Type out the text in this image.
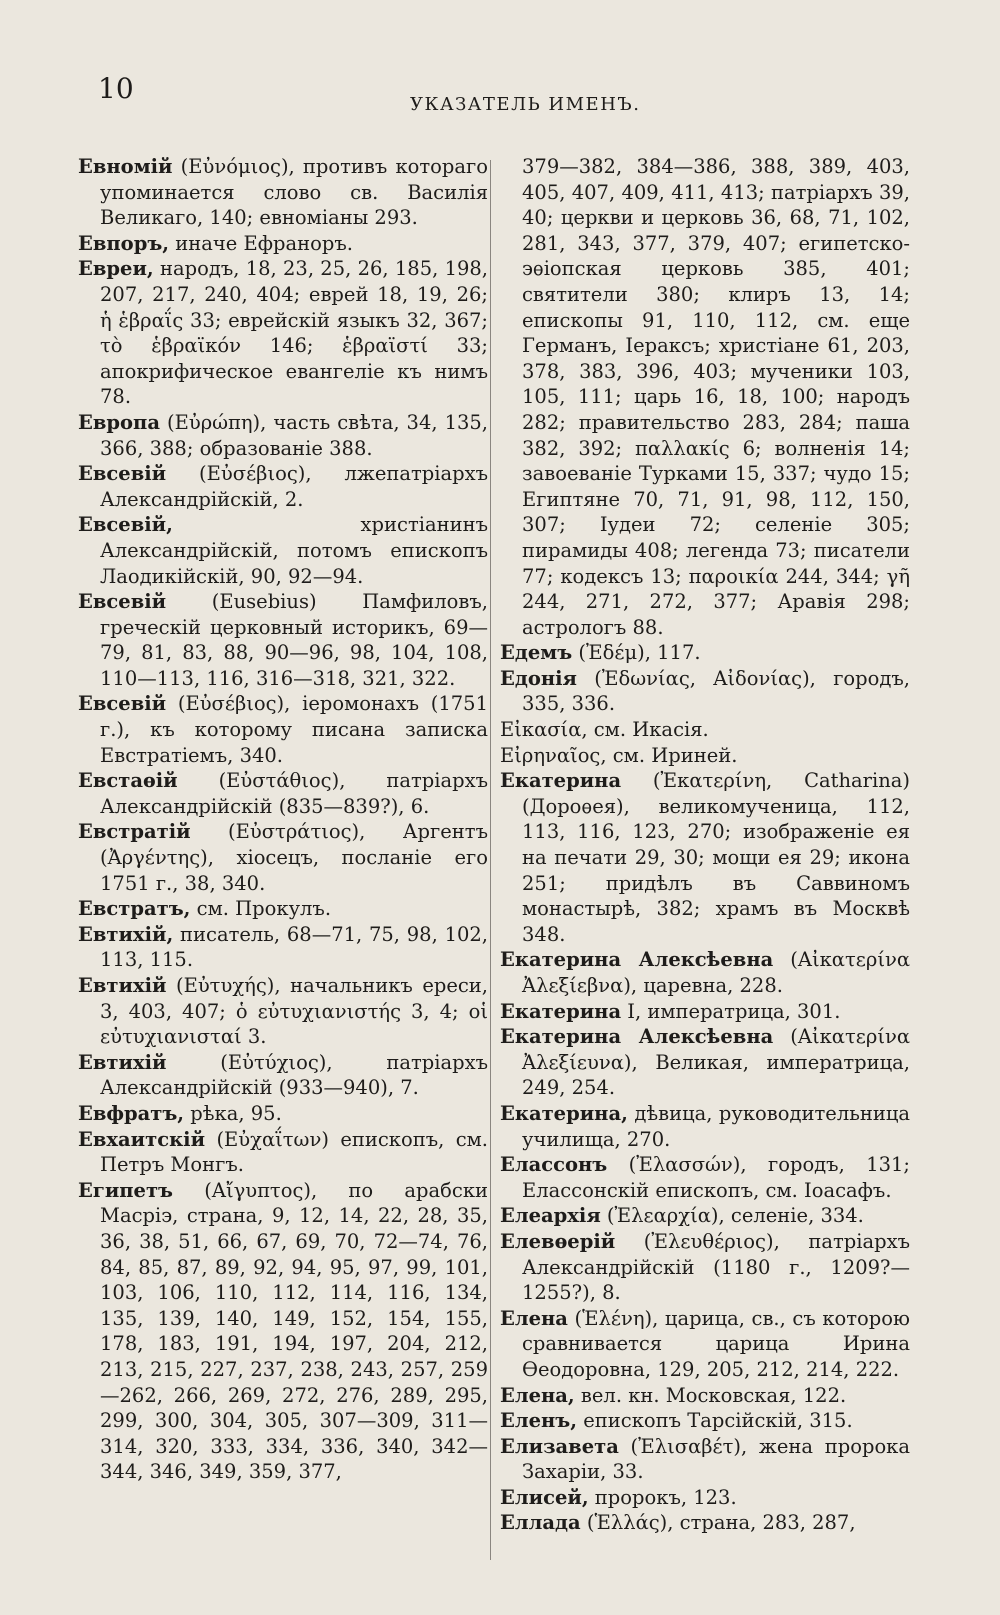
10	УКАЗАТЕЛЬ ИМЕНЪ.
Евномій (Εὐνόμιος), противъ котораго упоминается слово св. Василія Великаго, 140; евноміаны 293.
Евпоръ, иначе Ефраноръ.
Евреи, народъ, 18, 23, 25, 26, 185, 198, 207, 217, 240, 404; еврей 18, 19, 26; ἡ ἑβραΐς 33; еврейскій языкъ 32, 367; τὸ ἑβραϊκόν 146; ἑβραϊστί 33; апокрифическое евангеліе къ нимъ 78.
Европа (Εὐρώπη), часть свѣта, 34, 135, 366, 388; образованіе 388.
Евсевій (Εὐσέβιος), лжепатріархъ Александрійскій, 2.
Евсевій, христіанинъ Александрійскій, потомъ епископъ Лаодикійскій, 90, 92—94.
Евсевій (Eusebius) Памфиловъ, греческій церковный историкъ, 69—79, 81, 83, 88, 90—96, 98, 104, 108, 110—113, 116, 316—318, 321, 322.
Евсевій (Εὐσέβιος), іеромонахъ (1751 г.), къ которому писана записка Евстратіемъ, 340.
Евстаѳій (Εὐστάθιος), патріархъ Александрійскій (835—839?), 6.
Евстратій (Εὐστράτιος), Аргентъ (Ἀργέντης), хіосецъ, посланіе его 1751 г., 38, 340.
Евстратъ, см. Прокулъ.
Евтихій, писатель, 68—71, 75, 98, 102, 113, 115.
Евтихій (Εὐτυχής), начальникъ ереси, 3, 403, 407; ὁ εὐτυχιανιστής 3, 4; οἱ εὐτυχιανισταί 3.
Евтихій (Εὐτύχιος), патріархъ Александрійскій (933—940), 7.
Евфратъ, рѣка, 95.
Евхаитскій (Εὐχαΐτων) епископъ, см. Петръ Монгъ.
Египетъ (Αἴγυπτος), по арабски Масріэ, страна, 9, 12, 14, 22, 28, 35, 36, 38, 51, 66, 67, 69, 70, 72—74, 76, 84, 85, 87, 89, 92, 94, 95, 97, 99, 101, 103, 106, 110, 112, 114, 116, 134, 135, 139, 140, 149, 152, 154, 155, 178, 183, 191, 194, 197, 204, 212, 213, 215, 227, 237, 238, 243, 257, 259—262, 266, 269, 272, 276, 289, 295, 299, 300, 304, 305, 307—309, 311—314, 320, 333, 334, 336, 340, 342—344, 346, 349, 359, 377,
379—382, 384—386, 388, 389, 403, 405, 407, 409, 411, 413; патріархъ 39, 40; церкви и церковь 36, 68, 71, 102, 281, 343, 377, 379, 407; египетско-эѳіопская церковь 385, 401; святители 380; клиръ 13, 14; епископы 91, 110, 112, см. еще Германъ, Іераксъ; христіане 61, 203, 378, 383, 396, 403; мученики 103, 105, 111; царь 16, 18, 100; народъ 282; правительство 283, 284; паша 382, 392; παλλακίς 6; волненія 14; завоеваніе Турками 15, 337; чудо 15; Египтяне 70, 71, 91, 98, 112, 150, 307; Іудеи 72; селеніе 305; пирамиды 408; легенда 73; писатели 77; кодексъ 13; παροικία 244, 344; γῆ 244, 271, 272, 377; Аравія 298; астрологъ 88.
Едемъ (Ἐδέμ), 117.
Едонія (Ἐδωνίας, Αἰδονίας), городъ, 335, 336.
Εἰκασία, см. Икасія.
Εἰρηναῖος, см. Ириней.
Екатерина (Ἐκατερίνη, Catharina) (Дороѳея), великомученица, 112, 113, 116, 123, 270; изображеніе ея на печати 29, 30; мощи ея 29; икона 251; придѣлъ въ Саввиномъ монастырѣ, 382; храмъ въ Москвѣ 348.
Екатерина Алексѣевна (Αἰκατερίνα Ἀλεξίεβνα), царевна, 228.
Екатерина I, императрица, 301.
Екатерина Алексѣевна (Αἰκατερίνα Ἀλεξίευνα), Великая, императрица, 249, 254.
Екатерина, дѣвица, руководительница училища, 270.
Елассонъ (Ἐλασσών), городъ, 131; Елассонскій епископъ, см. Іоасафъ.
Елеархія (Ἐλεαρχία), селеніе, 334.
Елевѳерій (Ἐλευθέριος), патріархъ Александрійскій (1180 г., 1209?—1255?), 8.
Елена (Ἑλένη), царица, св., съ которою сравнивается царица Ирина Ѳеодоровна, 129, 205, 212, 214, 222.
Елена, вел. кн. Московская, 122.
Еленъ, епископъ Тарсійскій, 315.
Елизавета (Ἐλισαβέτ), жена пророка Захаріи, 33.
Елисей, пророкъ, 123.
Еллада (Ἑλλάς), страна, 283, 287,
